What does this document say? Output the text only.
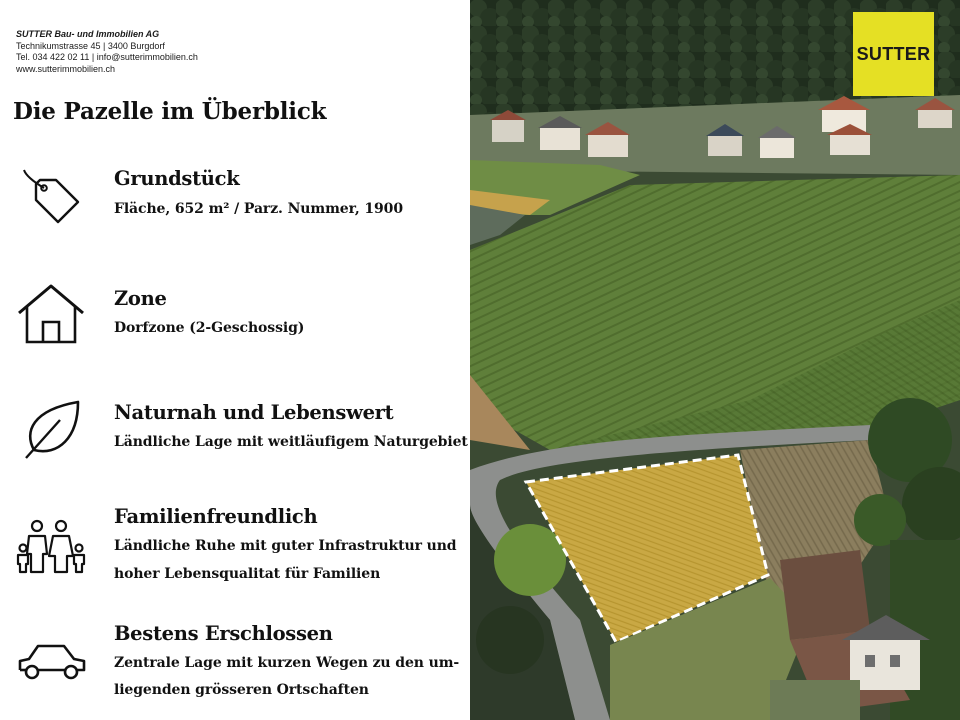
SUTTER Bau- und Immobilien AG
Technikumstrasse 45 | 3400 Burgdorf
Tel. 034 422 02 11 | info@sutterimmobilien.ch
www.sutterimmobilien.ch
Die Pazelle im Überblick
Grundstück
Fläche, 652 m² / Parz. Nummer, 1900
Zone
Dorfzone (2-Geschossig)
Naturnah und Lebenswert
Ländliche Lage mit weitläufigem Naturgebiet
Familienfreundlich
Ländliche Ruhe mit guter Infrastruktur und
hoher Lebensqualitat für Familien
Bestens Erschlossen
Zentrale Lage mit kurzen Wegen zu den um-
liegenden grösseren Ortschaften
SUTTER
